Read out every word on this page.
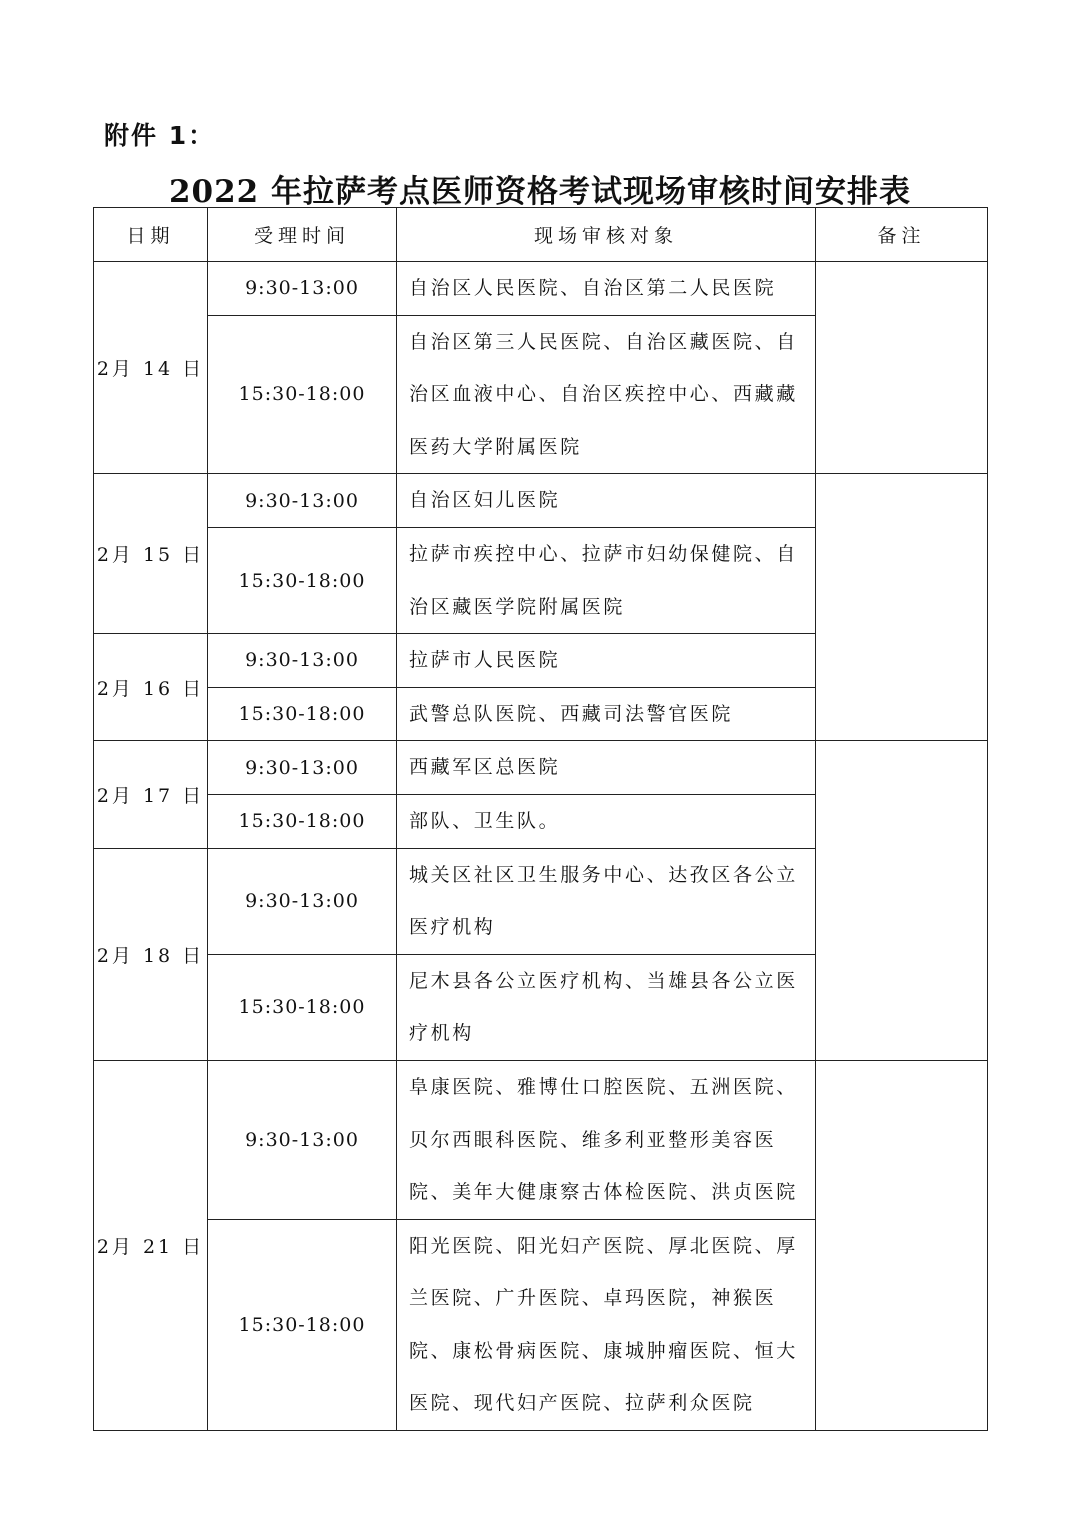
附件 1：
2022 年拉萨考点医师资格考试现场审核时间安排表
日期	受理时间	现场审核对象	备注
2月 14 日	9:30-13:00	自治区人民医院、自治区第二人民医院	
	15:30-18:00	自治区第三人民医院、自治区藏医院、自治区血液中心、自治区疾控中心、西藏藏医药大学附属医院	
2月 15 日	9:30-13:00	自治区妇儿医院	
	15:30-18:00	拉萨市疾控中心、拉萨市妇幼保健院、自治区藏医学院附属医院	
2月 16 日	9:30-13:00	拉萨市人民医院	
	15:30-18:00	武警总队医院、西藏司法警官医院	
2月 17 日	9:30-13:00	西藏军区总医院	
	15:30-18:00	部队、卫生队。	
2月 18 日	9:30-13:00	城关区社区卫生服务中心、达孜区各公立医疗机构	
	15:30-18:00	尼木县各公立医疗机构、当雄县各公立医疗机构	
2月 21 日	9:30-13:00	阜康医院、雅博仕口腔医院、五洲医院、贝尔西眼科医院、维多利亚整形美容医院、美年大健康察古体检医院、洪贞医院	
	15:30-18:00	阳光医院、阳光妇产医院、厚北医院、厚兰医院、广升医院、卓玛医院，神猴医院、康松骨病医院、康城肿瘤医院、恒大医院、现代妇产医院、拉萨利众医院	
